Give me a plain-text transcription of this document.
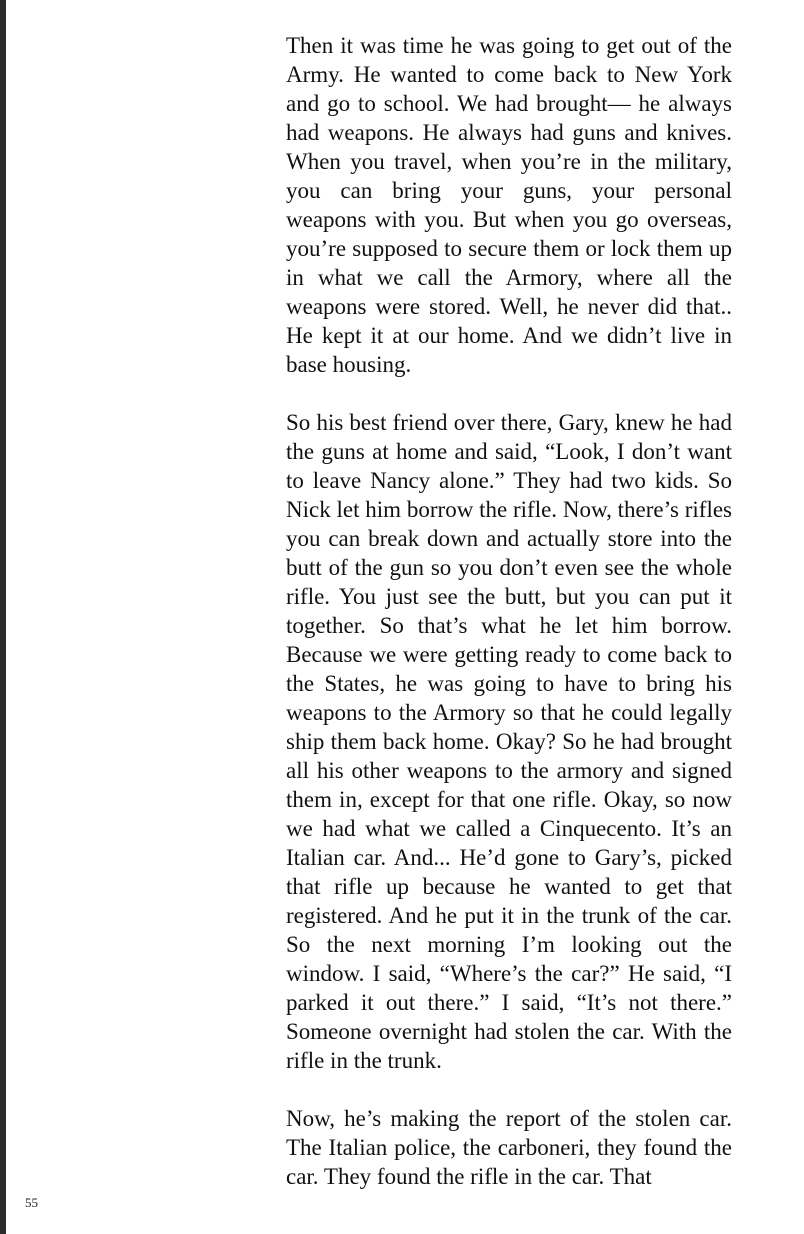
Then it was time he was going to get out of the Army. He wanted to come back to New York and go to school. We had brought— he always had weapons. He always had guns and knives. When you travel, when you’re in the military, you can bring your guns, your personal weapons with you. But when you go overseas, you’re supposed to secure them or lock them up in what we call the Armory, where all the weapons were stored. Well, he never did that.. He kept it at our home. And we didn’t live in base housing.

So his best friend over there, Gary, knew he had the guns at home and said, “Look, I don’t want to leave Nancy alone.” They had two kids. So Nick let him borrow the rifle. Now, there’s rifles you can break down and actually store into the butt of the gun so you don’t even see the whole rifle. You just see the butt, but you can put it together. So that’s what he let him borrow. Because we were getting ready to come back to the States, he was going to have to bring his weapons to the Armory so that he could legally ship them back home. Okay? So he had brought all his other weapons to the armory and signed them in, except for that one rifle. Okay, so now we had what we called a Cinquecento. It’s an Italian car. And... He’d gone to Gary’s, picked that rifle up because he wanted to get that registered. And he put it in the trunk of the car. So the next morning I’m looking out the window. I said, “Where’s the car?” He said, “I parked it out there.” I said, “It’s not there.” Someone overnight had stolen the car. With the rifle in the trunk.

Now, he’s making the report of the stolen car. The Italian police, the carboneri, they found the car. They found the rifle in the car. That

55
